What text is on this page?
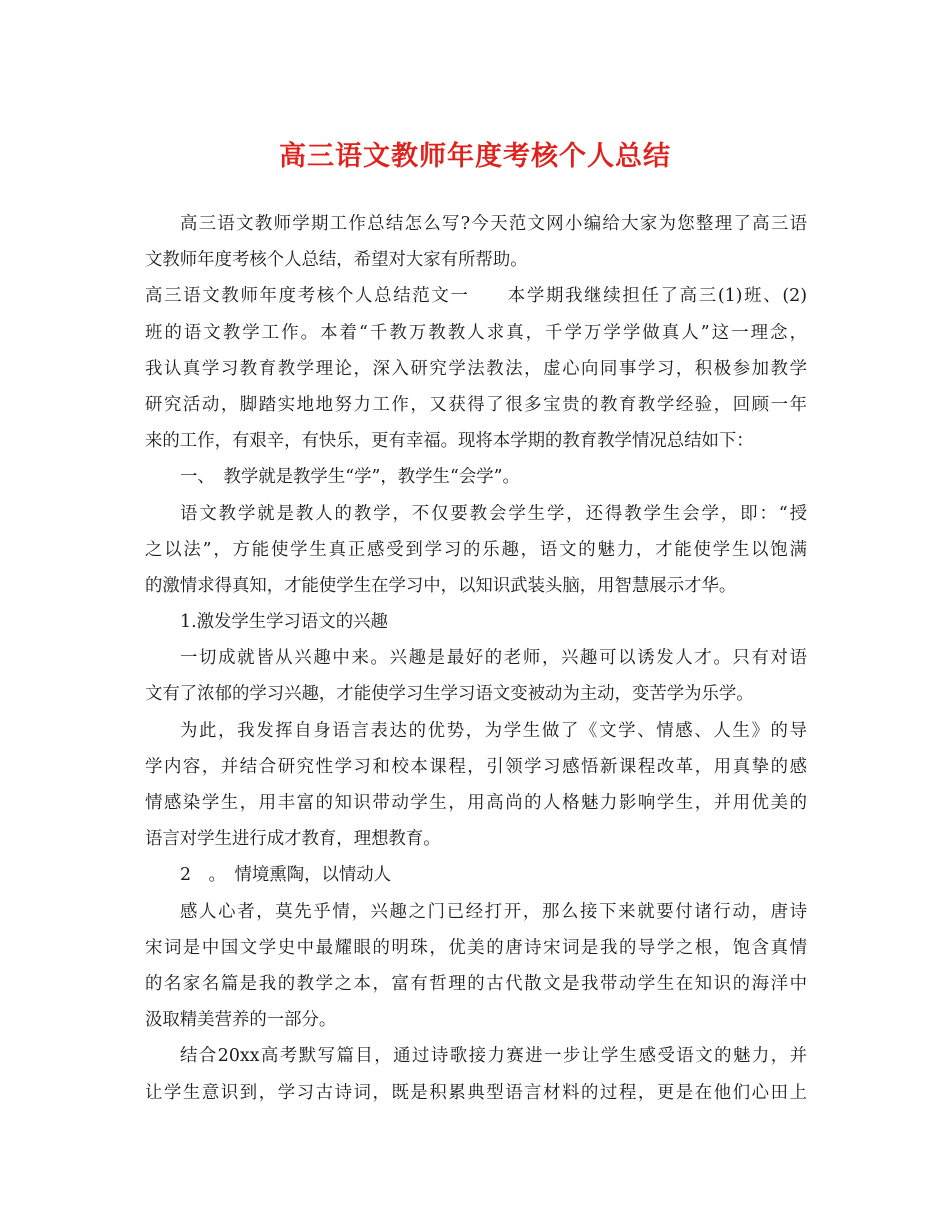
高三语文教师年度考核个人总结
高三语文教师学期工作总结怎么写?今天范文网小编给大家为您整理了高三语
文教师年度考核个人总结，希望对大家有所帮助。
高三语文教师年度考核个人总结范文一　　本学期我继续担任了高三(1)班、(2)
班的语文教学工作。本着“千教万教教人求真，千学万学学做真人”这一理念，
我认真学习教育教学理论，深入研究学法教法，虚心向同事学习，积极参加教学
研究活动，脚踏实地地努力工作，又获得了很多宝贵的教育教学经验，回顾一年
来的工作，有艰辛，有快乐，更有幸福。现将本学期的教育教学情况总结如下：
一、　教学就是教学生“学”，教学生“会学”。
语文教学就是教人的教学，不仅要教会学生学，还得教学生会学，即：“授
之以法”，方能使学生真正感受到学习的乐趣，语文的魅力，才能使学生以饱满
的激情求得真知，才能使学生在学习中，以知识武装头脑，用智慧展示才华。
1.激发学生学习语文的兴趣
一切成就皆从兴趣中来。兴趣是最好的老师，兴趣可以诱发人才。只有对语
文有了浓郁的学习兴趣，才能使学习生学习语文变被动为主动，变苦学为乐学。
为此，我发挥自身语言表达的优势，为学生做了《文学、情感、人生》的导
学内容，并结合研究性学习和校本课程，引领学习感悟新课程改革，用真挚的感
情感染学生，用丰富的知识带动学生，用高尚的人格魅力影响学生，并用优美的
语言对学生进行成才教育，理想教育。
2　。　情境熏陶，以情动人
感人心者，莫先乎情，兴趣之门已经打开，那么接下来就要付诸行动，唐诗
宋词是中国文学史中最耀眼的明珠，优美的唐诗宋词是我的导学之根，饱含真情
的名家名篇是我的教学之本，富有哲理的古代散文是我带动学生在知识的海洋中
汲取精美营养的一部分。
结合20xx高考默写篇目，通过诗歌接力赛进一步让学生感受语文的魅力，并
让学生意识到，学习古诗词，既是积累典型语言材料的过程，更是在他们心田上
